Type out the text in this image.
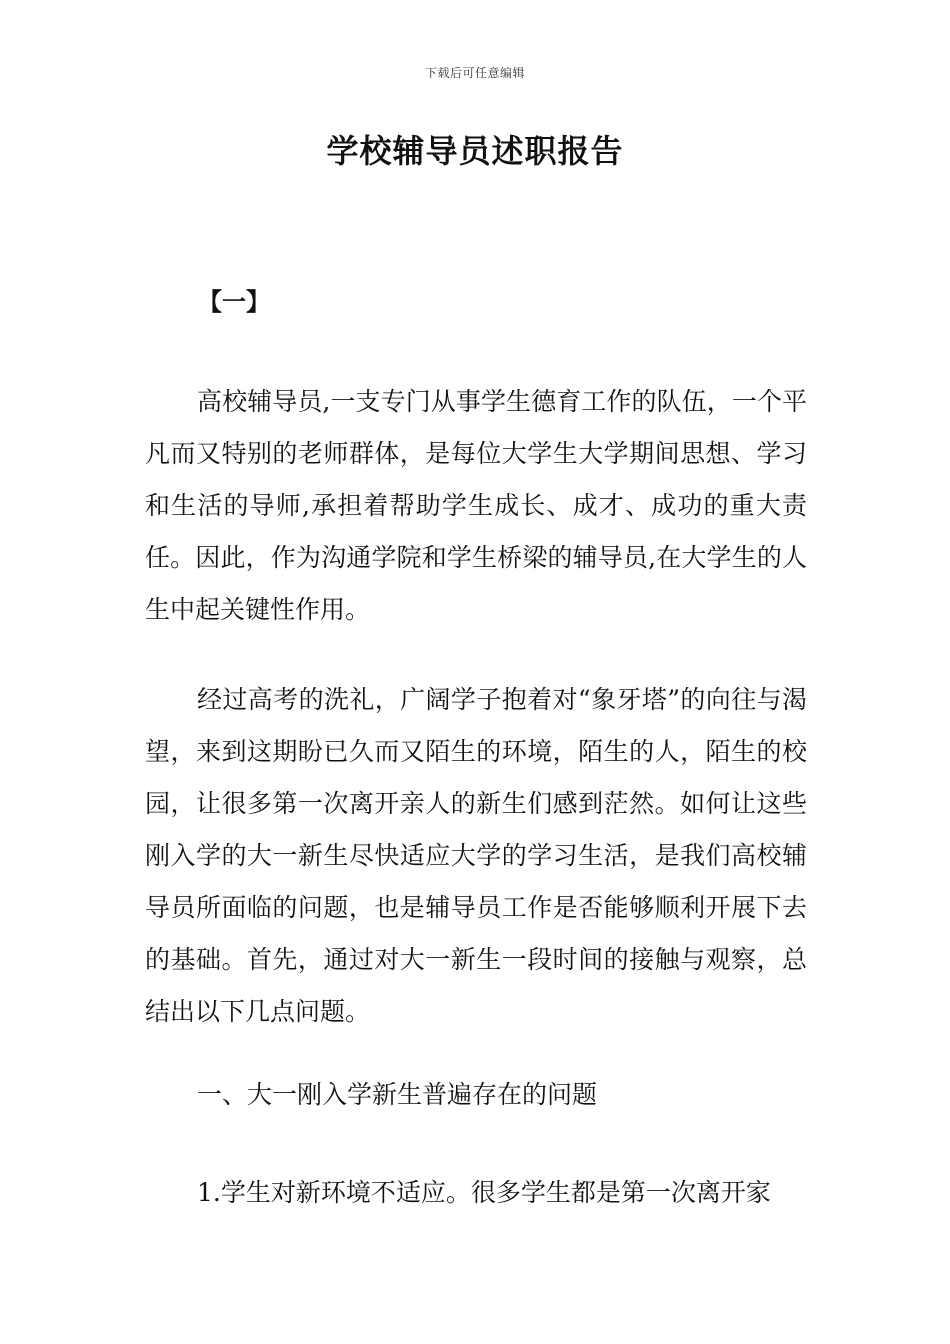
下载后可任意编辑
学校辅导员述职报告
【一】

高校辅导员,一支专门从事学生德育工作的队伍，一个平凡而又特别的老师群体，是每位大学生大学期间思想、学习和生活的导师,承担着帮助学生成长、成才、成功的重大责任。因此，作为沟通学院和学生桥梁的辅导员,在大学生的人生中起关键性作用。

经过高考的洗礼，广阔学子抱着对“象牙塔”的向往与渴望，来到这期盼已久而又陌生的环境，陌生的人，陌生的校园，让很多第一次离开亲人的新生们感到茫然。如何让这些刚入学的大一新生尽快适应大学的学习生活，是我们高校辅导员所面临的问题，也是辅导员工作是否能够顺利开展下去的基础。首先，通过对大一新生一段时间的接触与观察，总结出以下几点问题。

一、大一刚入学新生普遍存在的问题

1.学生对新环境不适应。很多学生都是第一次离开家
